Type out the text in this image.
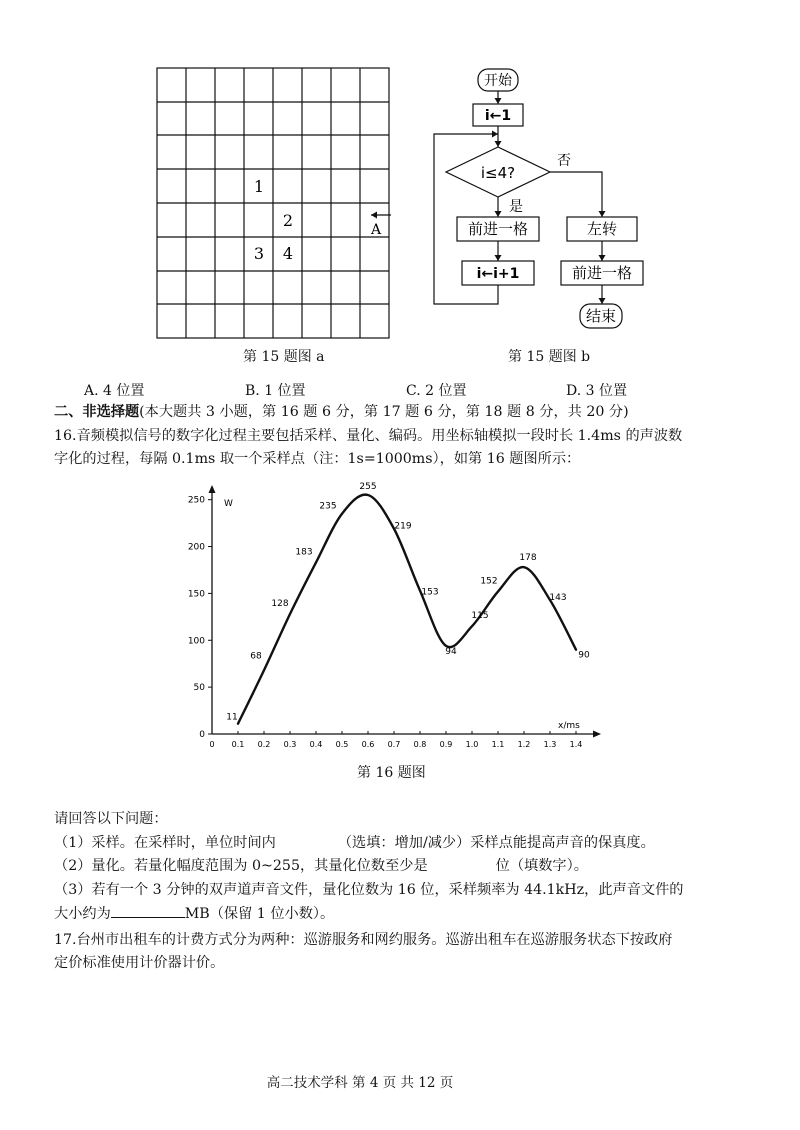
1
2
3 4
A
第 15 题图 a
开始
i←1
i≤4?
否
是
前进一格
i←i+1
左转
前进一格
结束
第 15 题图 b
A. 4 位置	B. 1 位置	C. 2 位置	D. 3 位置
二、非选择题(本大题共 3 小题，第 16 题 6 分，第 17 题 6 分，第 18 题 8 分，共 20 分)
16.音频模拟信号的数字化过程主要包括采样、量化、编码。用坐标轴模拟一段时长 1.4ms 的声波数
字化的过程，每隔 0.1ms 取一个采样点（注：1s=1000ms），如第 16 题图所示：
W
x/ms
0 0.1 0.2 0.3 0.4 0.5 0.6 0.7 0.8 0.9 1.0 1.1 1.2 1.3 1.4
0
50
100
150
200
250
11
68
128
183
235
255
219
153
94
115
152
178
143
90
第 16 题图
请回答以下问题：
（1）采样。在采样时，单位时间内	（选填：增加/减少）采样点能提高声音的保真度。
（2）量化。若量化幅度范围为 0~255，其量化位数至少是	位（填数字）。
（3）若有一个 3 分钟的双声道声音文件，量化位数为 16 位，采样频率为 44.1kHz，此声音文件的
大小约为	MB（保留 1 位小数）。
17.台州市出租车的计费方式分为两种：巡游服务和网约服务。巡游出租车在巡游服务状态下按政府
定价标准使用计价器计价。
高二技术学科 第 4 页 共 12 页
